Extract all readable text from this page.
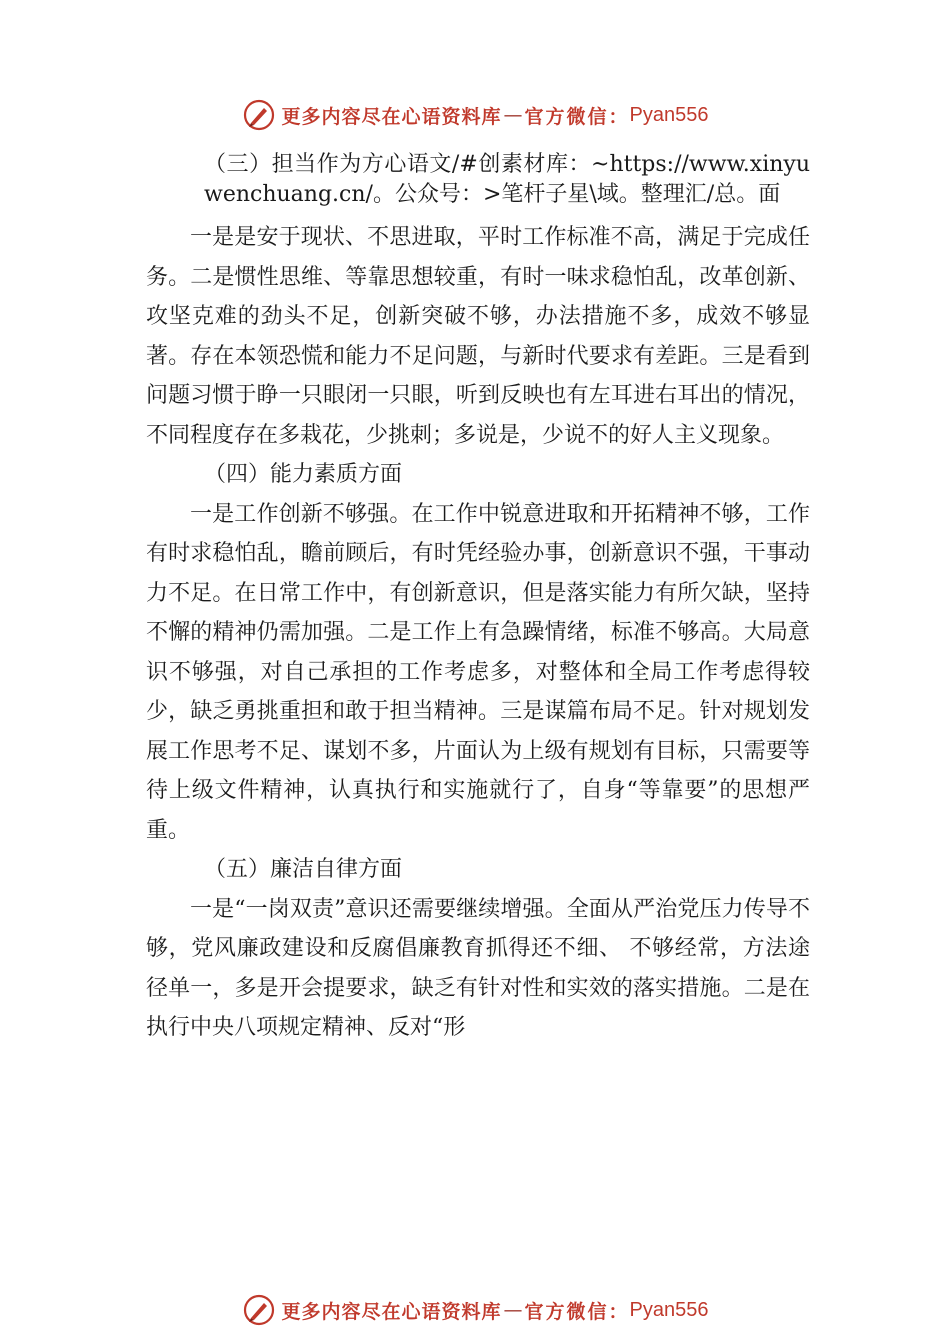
更多内容尽在心语资料库 — 官方微信： Pyan556

（三）担当作为方心语文/#创素材库：~https://www.xinyuwenchuang.cn/。公众号：>笔杆子星\域。整理汇/总。面

一是是安于现状、不思进取，平时工作标准不高，满足于完成任务。二是惯性思维、等靠思想较重，有时一味求稳怕乱，改革创新、攻坚克难的劲头不足，创新突破不够，办法措施不多，成效不够显著。存在本领恐慌和能力不足问题，与新时代要求有差距。三是看到问题习惯于睁一只眼闭一只眼，听到反映也有左耳进右耳出的情况，不同程度存在多栽花，少挑刺；多说是，少说不的好人主义现象。

（四）能力素质方面

一是工作创新不够强。在工作中锐意进取和开拓精神不够，工作有时求稳怕乱，瞻前顾后，有时凭经验办事，创新意识不强，干事动力不足。在日常工作中，有创新意识，但是落实能力有所欠缺，坚持不懈的精神仍需加强。二是工作上有急躁情绪，标准不够高。大局意识不够强，对自己承担的工作考虑多，对整体和全局工作考虑得较少，缺乏勇挑重担和敢于担当精神。三是谋篇布局不足。针对规划发展工作思考不足、谋划不多，片面认为上级有规划有目标，只需要等待上级文件精神，认真执行和实施就行了，自身“等靠要”的思想严重。

（五）廉洁自律方面

一是“一岗双责”意识还需要继续增强。全面从严治党压力传导不够，党风廉政建设和反腐倡廉教育抓得还不细、 不够经常，方法途径单一，多是开会提要求，缺乏有针对性和实效的落实措施。二是在执行中央八项规定精神、反对“形

更多内容尽在心语资料库 — 官方微信： Pyan556
